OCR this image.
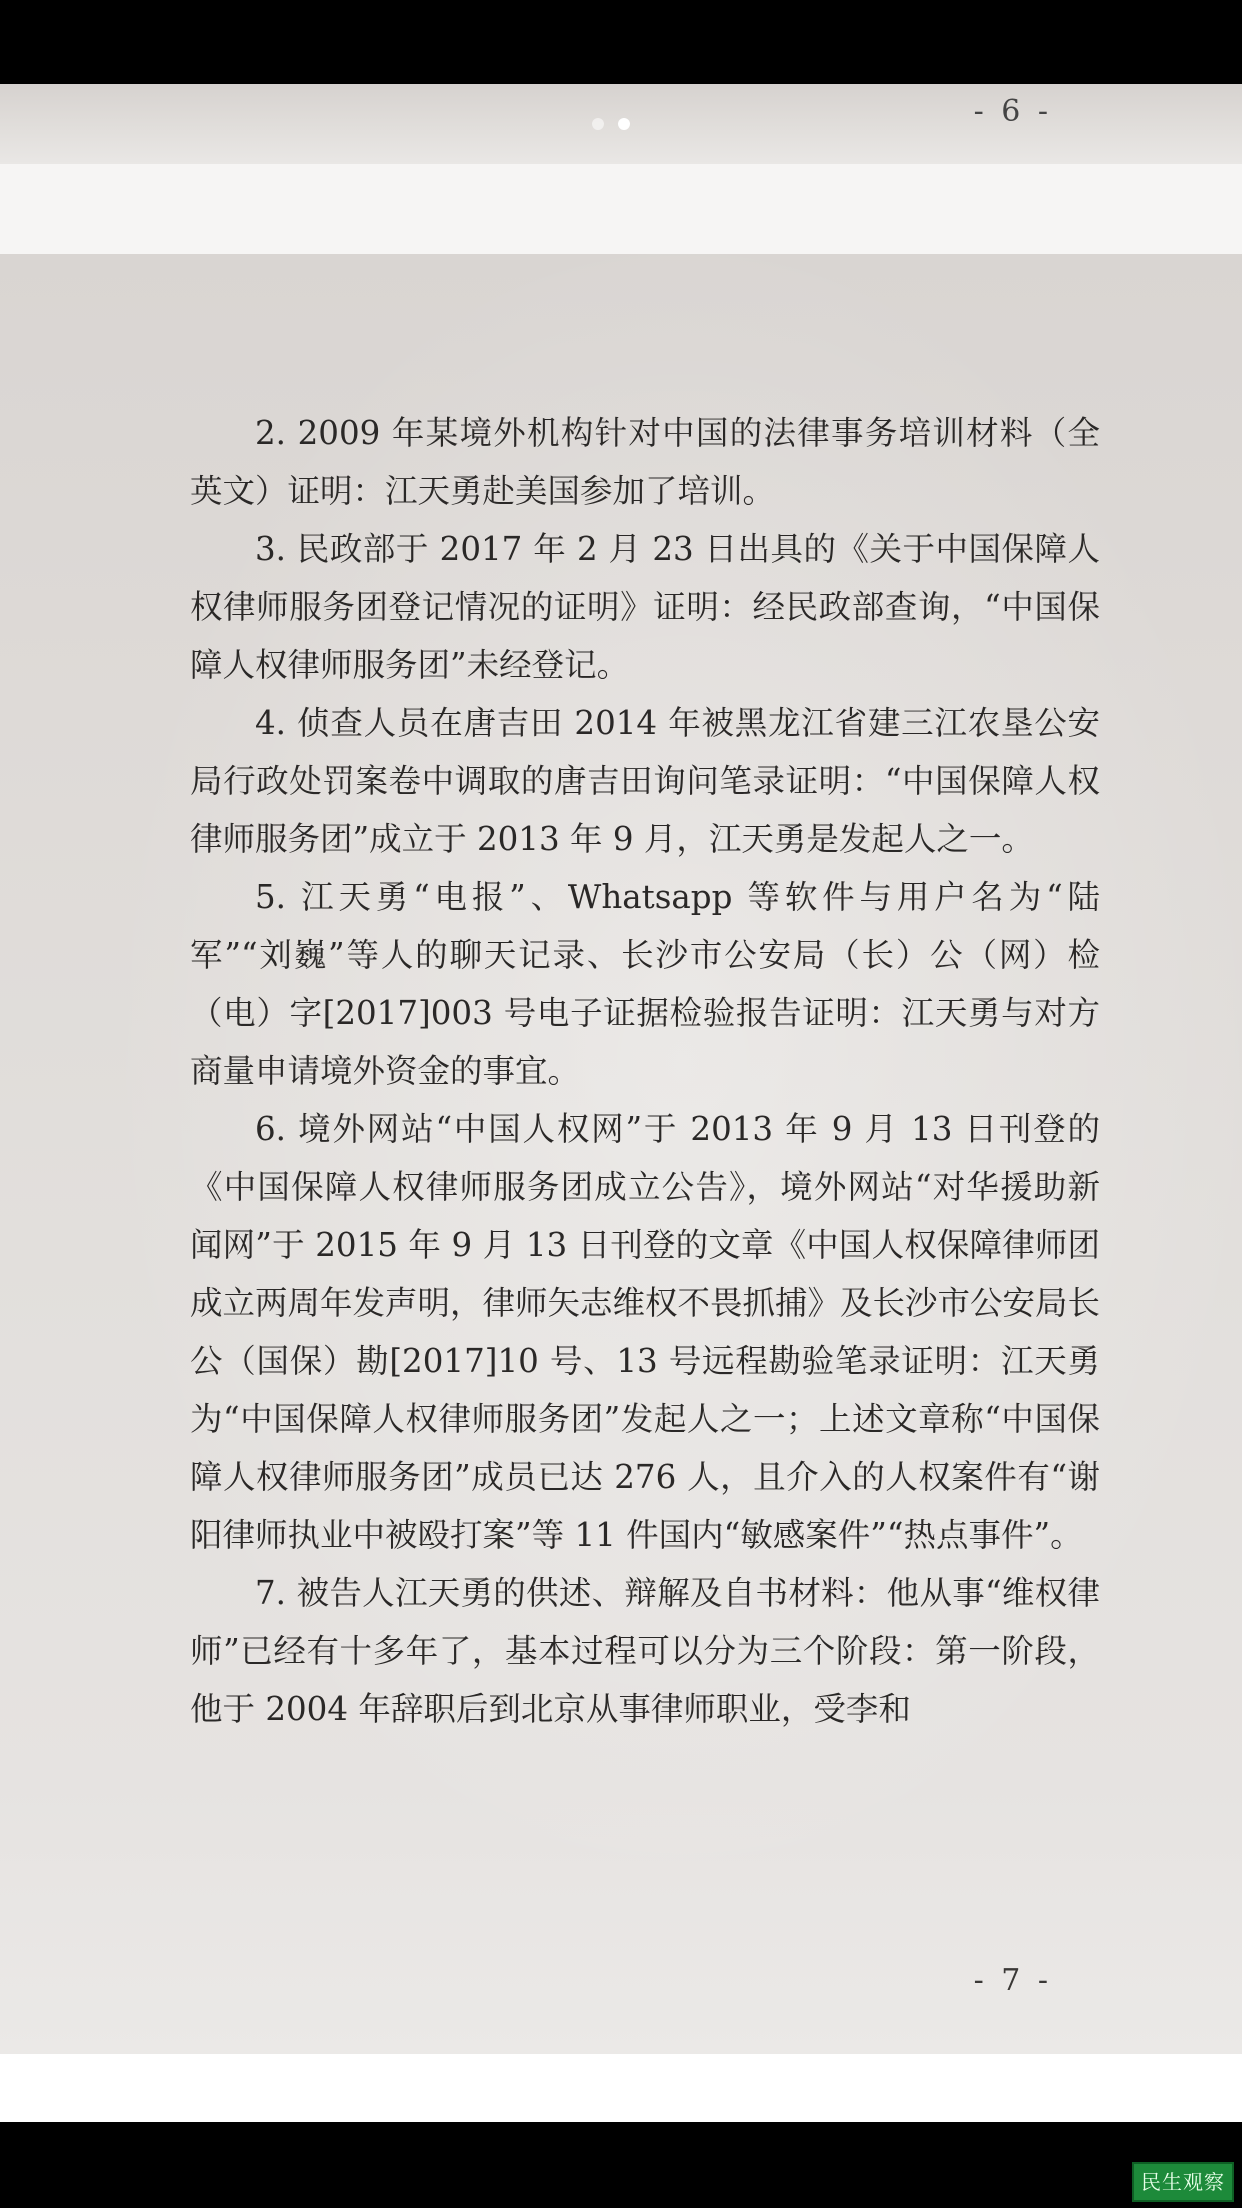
- 6 -

2. 2009 年某境外机构针对中国的法律事务培训材料（全英文）证明：江天勇赴美国参加了培训。

3. 民政部于 2017 年 2 月 23 日出具的《关于中国保障人权律师服务团登记情况的证明》证明：经民政部查询，“中国保障人权律师服务团”未经登记。

4. 侦查人员在唐吉田 2014 年被黑龙江省建三江农垦公安局行政处罚案卷中调取的唐吉田询问笔录证明：“中国保障人权律师服务团”成立于 2013 年 9 月，江天勇是发起人之一。

5. 江天勇“电报”、Whatsapp 等软件与用户名为“陆军”“刘巍”等人的聊天记录、长沙市公安局（长）公（网）检（电）字[2017]003 号电子证据检验报告证明：江天勇与对方商量申请境外资金的事宜。

6. 境外网站“中国人权网”于 2013 年 9 月 13 日刊登的《中国保障人权律师服务团成立公告》，境外网站“对华援助新闻网”于 2015 年 9 月 13 日刊登的文章《中国人权保障律师团成立两周年发声明，律师矢志维权不畏抓捕》及长沙市公安局长公（国保）勘[2017]10 号、13 号远程勘验笔录证明：江天勇为“中国保障人权律师服务团”发起人之一；上述文章称“中国保障人权律师服务团”成员已达 276 人，且介入的人权案件有“谢阳律师执业中被殴打案”等 11 件国内“敏感案件”“热点事件”。

7. 被告人江天勇的供述、辩解及自书材料：他从事“维权律师”已经有十多年了，基本过程可以分为三个阶段：第一阶段，他于 2004 年辞职后到北京从事律师职业，受李和

- 7 -
民生观察
